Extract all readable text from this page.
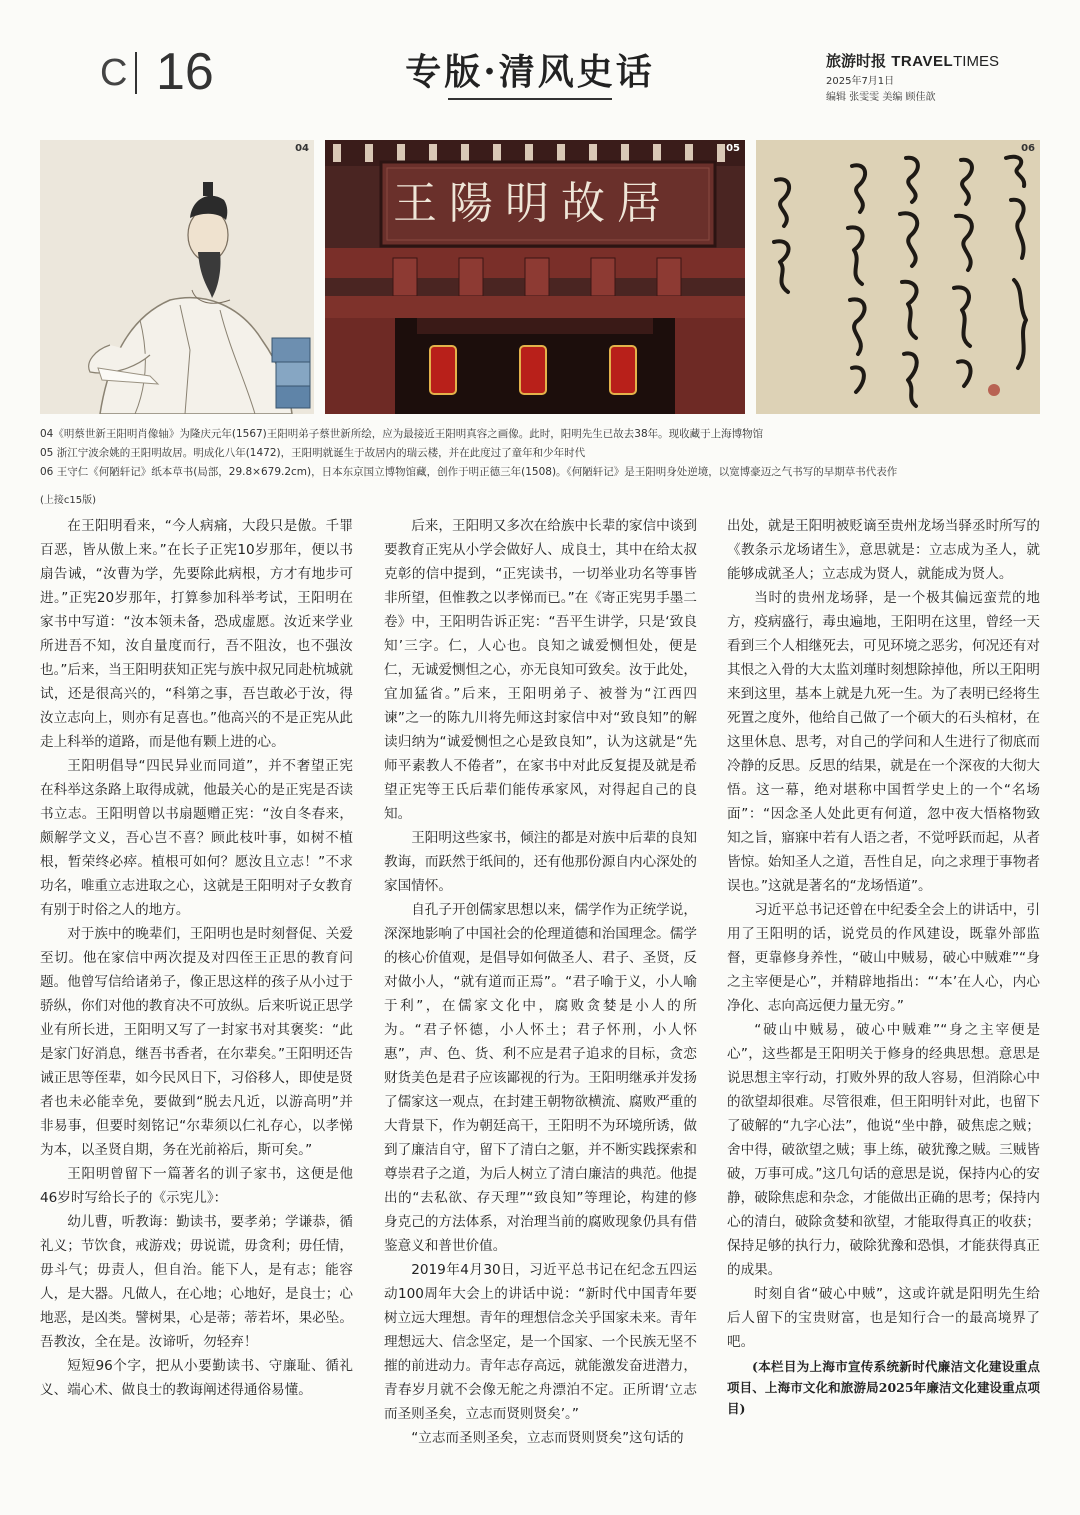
C 16	专版·清风史话	旅游时报 TRAVELTIMES
2025年7月1日
编辑 张雯雯 美编 顾佳歆
04
王陽明故居
05	06
04《明蔡世新王阳明肖像轴》为隆庆元年(1567)王阳明弟子蔡世新所绘，应为最接近王阳明真容之画像。此时，阳明先生已故去38年。现收藏于上海博物馆
05 浙江宁波余姚的王阳明故居。明成化八年(1472)，王阳明就诞生于故居内的瑞云楼，并在此度过了童年和少年时代
06 王守仁《何陋轩记》纸本草书(局部，29.8×679.2cm)，日本东京国立博物馆藏，创作于明正德三年(1508)。《何陋轩记》是王阳明身处逆境，以宽博豪迈之气书写的早期草书代表作
(上接c15版)

在王阳明看来，“今人病痛，大段只是傲。千罪百恶，皆从傲上来。”在长子正宪10岁那年，便以书扇告诫，“汝曹为学，先要除此病根，方才有地步可进。”正宪20岁那年，打算参加科举考试，王阳明在家书中写道：“汝本领未备，恐成虚愿。汝近来学业所进吾不知，汝自量度而行，吾不阻汝，也不强汝也。”后来，当王阳明获知正宪与族中叔兄同赴杭城就试，还是很高兴的，“科第之事，吾岂敢必于汝，得汝立志向上，则亦有足喜也。”他高兴的不是正宪从此走上科举的道路，而是他有颗上进的心。

王阳明倡导“四民异业而同道”，并不奢望正宪在科举这条路上取得成就，他最关心的是正宪是否读书立志。王阳明曾以书扇题赠正宪：“汝自冬春来，颇解学文义，吾心岂不喜？顾此枝叶事，如树不植根，暂荣终必瘁。植根可如何？愿汝且立志！”不求功名，唯重立志进取之心，这就是王阳明对子女教育有别于时俗之人的地方。

对于族中的晚辈们，王阳明也是时刻督促、关爱至切。他在家信中两次提及对四侄王正思的教育问题。他曾写信给诸弟子，像正思这样的孩子从小过于骄纵，你们对他的教育决不可放纵。后来听说正思学业有所长进，王阳明又写了一封家书对其褒奖：“此是家门好消息，继吾书香者，在尔辈矣。”王阳明还告诫正思等侄辈，如今民风日下，习俗移人，即使是贤者也未必能幸免，要做到“脱去凡近，以游高明”并非易事，但要时刻铭记“尔辈须以仁礼存心，以孝悌为本，以圣贤自期，务在光前裕后，斯可矣。”

王阳明曾留下一篇著名的训子家书，这便是他46岁时写给长子的《示宪儿》：

幼儿曹，听教诲：勤读书，要孝弟；学谦恭，循礼义；节饮食，戒游戏；毋说谎，毋贪利；毋任情，毋斗气；毋责人，但自治。能下人，是有志；能容人，是大器。凡做人，在心地；心地好，是良士；心地恶，是凶类。譬树果，心是蒂；蒂若坏，果必坠。吾教汝，全在是。汝谛听，勿轻弃！

短短96个字，把从小要勤读书、守廉耻、循礼义、端心术、做良士的教诲阐述得通俗易懂。

后来，王阳明又多次在给族中长辈的家信中谈到要教育正宪从小学会做好人、成良士，其中在给太叔克彰的信中提到，“正宪读书，一切举业功名等事皆非所望，但惟教之以孝悌而已。”在《寄正宪男手墨二卷》中，王阳明告诉正宪：“吾平生讲学，只是‘致良知’三字。仁，人心也。良知之诚爱恻怛处，便是仁，无诚爱恻怛之心，亦无良知可致矣。汝于此处，宜加猛省。”后来，王阳明弟子、被誉为“江西四谏”之一的陈九川将先师这封家信中对“致良知”的解读归纳为“诚爱恻怛之心是致良知”，认为这就是“先师平素教人不倦者”，在家书中对此反复提及就是希望正宪等王氏后辈们能传承家风，对得起自己的良知。

王阳明这些家书，倾注的都是对族中后辈的良知教诲，而跃然于纸间的，还有他那份源自内心深处的家国情怀。

自孔子开创儒家思想以来，儒学作为正统学说，深深地影响了中国社会的伦理道德和治国理念。儒学的核心价值观，是倡导如何做圣人、君子、圣贤，反对做小人，“就有道而正焉”。“君子喻于义，小人喻于利”，在儒家文化中，腐败贪婪是小人的所为。“君子怀德，小人怀土；君子怀刑，小人怀惠”，声、色、货、利不应是君子追求的目标，贪恋财货美色是君子应该鄙视的行为。王阳明继承并发扬了儒家这一观点，在封建王朝物欲横流、腐败严重的大背景下，作为朝廷高干，王阳明不为环境所诱，做到了廉洁自守，留下了清白之躯，并不断实践探索和尊崇君子之道，为后人树立了清白廉洁的典范。他提出的“去私欲、存天理”“致良知”等理论，构建的修身克己的方法体系，对治理当前的腐败现象仍具有借鉴意义和普世价值。

2019年4月30日，习近平总书记在纪念五四运动100周年大会上的讲话中说：“新时代中国青年要树立远大理想。青年的理想信念关乎国家未来。青年理想远大、信念坚定，是一个国家、一个民族无坚不摧的前进动力。青年志存高远，就能激发奋进潜力，青春岁月就不会像无舵之舟漂泊不定。正所谓‘立志而圣则圣矣，立志而贤则贤矣’。”

“立志而圣则圣矣，立志而贤则贤矣”这句话的

出处，就是王阳明被贬谪至贵州龙场当驿丞时所写的《教条示龙场诸生》，意思就是：立志成为圣人，就能够成就圣人；立志成为贤人，就能成为贤人。

当时的贵州龙场驿，是一个极其偏远蛮荒的地方，疫病盛行，毒虫遍地，王阳明在这里，曾经一天看到三个人相继死去，可见环境之恶劣，何况还有对其恨之入骨的大太监刘瑾时刻想除掉他，所以王阳明来到这里，基本上就是九死一生。为了表明已经将生死置之度外，他给自己做了一个硕大的石头棺材，在这里休息、思考，对自己的学问和人生进行了彻底而冷静的反思。反思的结果，就是在一个深夜的大彻大悟。这一幕，绝对堪称中国哲学史上的一个“名场面”：“因念圣人处此更有何道，忽中夜大悟格物致知之旨，寤寐中若有人语之者，不觉呼跃而起，从者皆惊。始知圣人之道，吾性自足，向之求理于事物者误也。”这就是著名的“龙场悟道”。

习近平总书记还曾在中纪委全会上的讲话中，引用了王阳明的话，说党员的作风建设，既靠外部监督，更靠修身养性，“破山中贼易，破心中贼难”“身之主宰便是心”，并精辟地指出：“‘本’在人心，内心净化、志向高远便力量无穷。”

“破山中贼易，破心中贼难”“身之主宰便是心”，这些都是王阳明关于修身的经典思想。意思是说思想主宰行动，打败外界的敌人容易，但消除心中的欲望却很难。尽管很难，但王阳明针对此，也留下了破解的“九字心法”，他说“坐中静，破焦虑之贼；舍中得，破欲望之贼；事上练，破犹豫之贼。三贼皆破，万事可成。”这几句话的意思是说，保持内心的安静，破除焦虑和杂念，才能做出正确的思考；保持内心的清白，破除贪婪和欲望，才能取得真正的收获；保持足够的执行力，破除犹豫和恐惧，才能获得真正的成果。

时刻自省“破心中贼”，这或许就是阳明先生给后人留下的宝贵财富，也是知行合一的最高境界了吧。

(本栏目为上海市宣传系统新时代廉洁文化建设重点项目、上海市文化和旅游局2025年廉洁文化建设重点项目)
